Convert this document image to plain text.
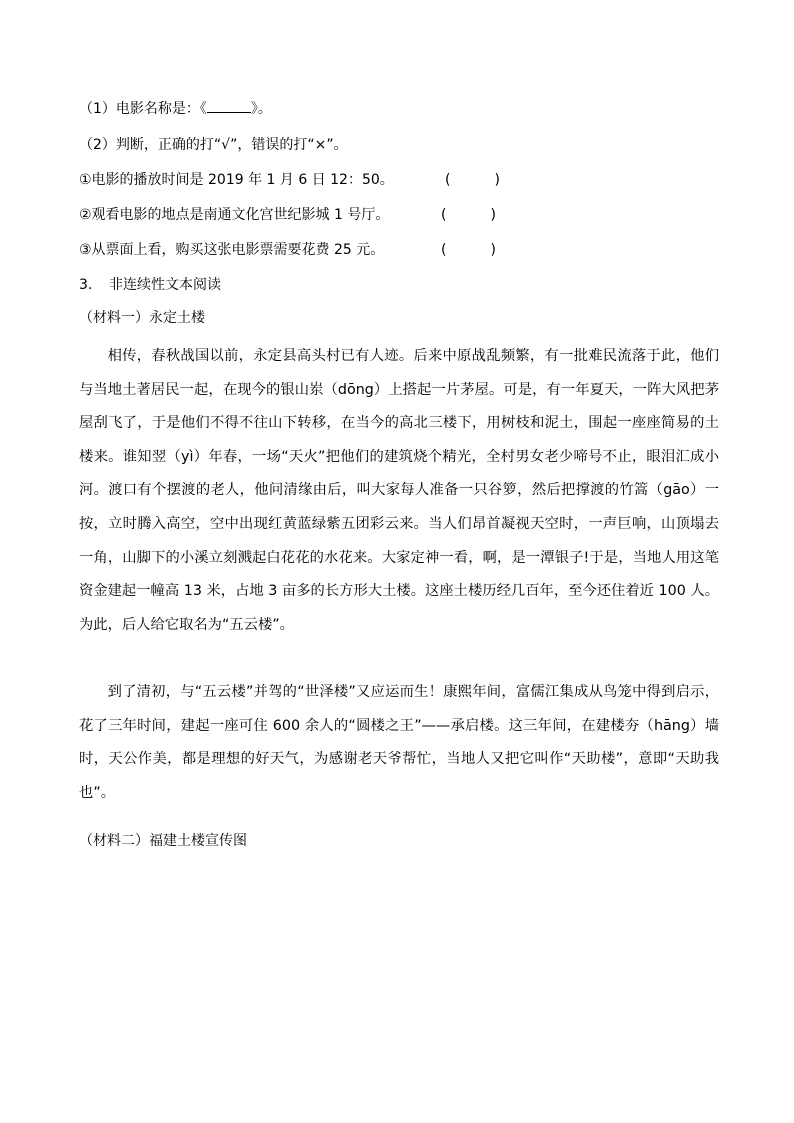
（1）电影名称是：《	》。
（2）判断，正确的打“√”，错误的打“×”。
①电影的播放时间是 2019 年 1 月 6 日 12：50。	(	)
②观看电影的地点是南通文化宫世纪影城 1 号厅。	(	)
③从票面上看，购买这张电影票需要花费 25 元。	(	)
3. 非连续性文本阅读
（材料一）永定土楼

相传，春秋战国以前，永定县高头村已有人迹。后来中原战乱频繁，有一批难民流落于此，他们与当地土著居民一起，在现今的银山岽（dōng）上搭起一片茅屋。可是，有一年夏天，一阵大风把茅屋刮飞了，于是他们不得不往山下转移，在当今的高北三楼下，用树枝和泥土，围起一座座简易的土楼来。谁知翌（yì）年春，一场“天火”把他们的建筑烧个精光，全村男女老少啼号不止，眼泪汇成小河。渡口有个摆渡的老人，他问清缘由后，叫大家每人准备一只谷箩，然后把撑渡的竹篙（gāo）一按，立时腾入高空，空中出现红黄蓝绿紫五团彩云来。当人们昂首凝视天空时，一声巨响，山顶塌去一角，山脚下的小溪立刻溅起白花花的水花来。大家定神一看，啊，是一潭银子!于是，当地人用这笔资金建起一幢高 13 米，占地 3 亩多的长方形大土楼。这座土楼历经几百年，至今还住着近 100 人。为此，后人给它取名为“五云楼”。

到了清初，与“五云楼”并驾的“世泽楼”又应运而生！康熙年间，富儒江集成从鸟笼中得到启示，花了三年时间，建起一座可住 600 余人的“圆楼之王”——承启楼。这三年间，在建楼夯（hāng）墙时，天公作美，都是理想的好天气，为感谢老天爷帮忙，当地人又把它叫作“天助楼”，意即“天助我也”。

（材料二）福建土楼宣传图
